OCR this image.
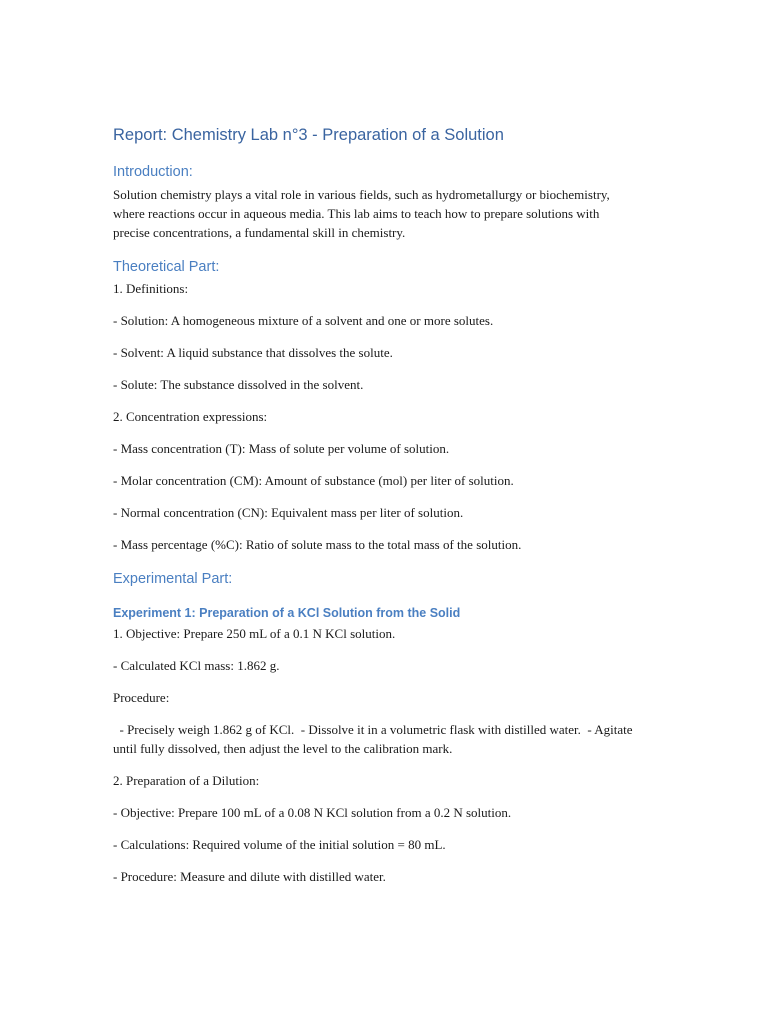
Report: Chemistry Lab n°3 - Preparation of a Solution
Introduction:
Solution chemistry plays a vital role in various fields, such as hydrometallurgy or biochemistry, where reactions occur in aqueous media. This lab aims to teach how to prepare solutions with precise concentrations, a fundamental skill in chemistry.
Theoretical Part:
1. Definitions:
- Solution: A homogeneous mixture of a solvent and one or more solutes.
- Solvent: A liquid substance that dissolves the solute.
- Solute: The substance dissolved in the solvent.
2. Concentration expressions:
- Mass concentration (T): Mass of solute per volume of solution.
- Molar concentration (CM): Amount of substance (mol) per liter of solution.
- Normal concentration (CN): Equivalent mass per liter of solution.
- Mass percentage (%C): Ratio of solute mass to the total mass of the solution.
Experimental Part:
Experiment 1: Preparation of a KCl Solution from the Solid
1. Objective: Prepare 250 mL of a 0.1 N KCl solution.
- Calculated KCl mass: 1.862 g.
Procedure:
- Precisely weigh 1.862 g of KCl.  - Dissolve it in a volumetric flask with distilled water.  - Agitate until fully dissolved, then adjust the level to the calibration mark.
2. Preparation of a Dilution:
- Objective: Prepare 100 mL of a 0.08 N KCl solution from a 0.2 N solution.
- Calculations: Required volume of the initial solution = 80 mL.
- Procedure: Measure and dilute with distilled water.
